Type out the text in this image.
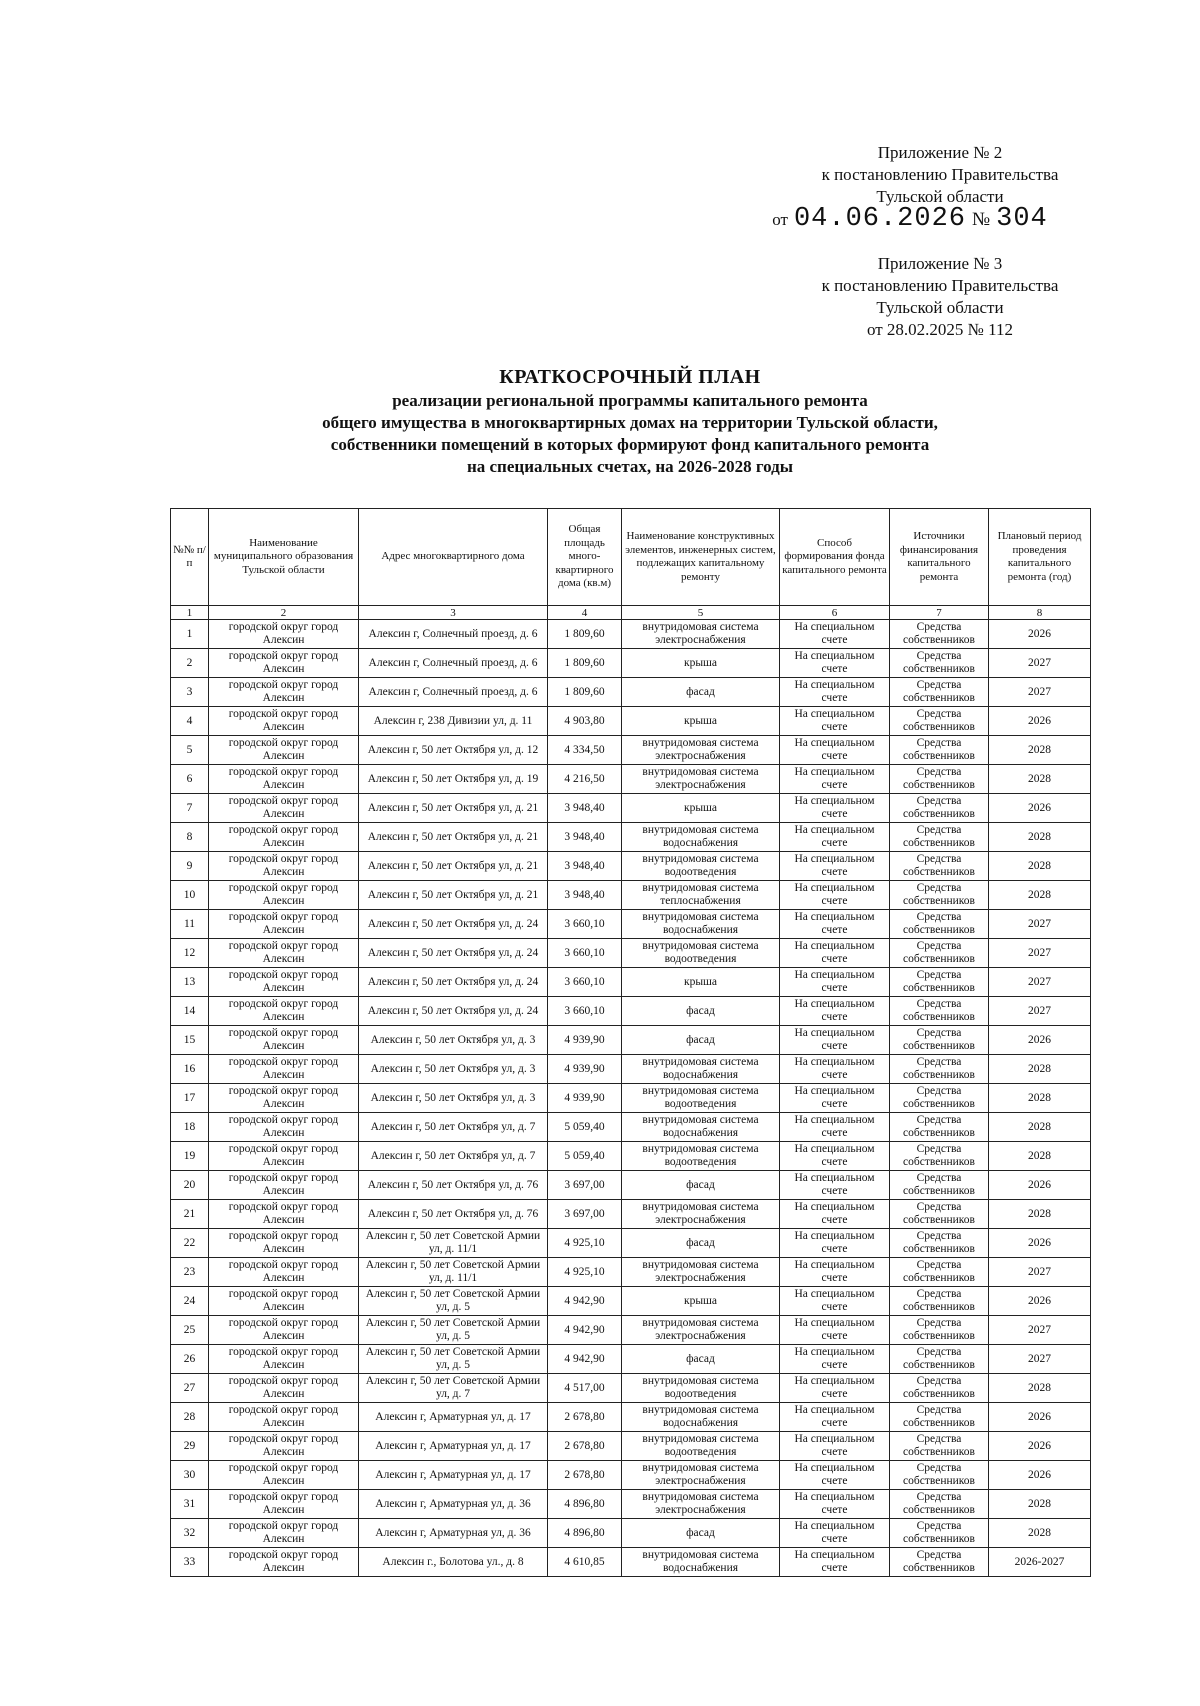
Приложение № 2
к постановлению Правительства
Тульской области
от 04.06.2026 № 304
Приложение № 3
к постановлению Правительства
Тульской области
от 28.02.2025 № 112
КРАТКОСРОЧНЫЙ ПЛАН
реализации региональной программы капитального ремонта
общего имущества в многоквартирных домах на территории Тульской области,
собственники помещений в которых формируют фонд капитального ремонта
на специальных счетах, на 2026-2028 годы
№№ п/п	Наименование муниципального образования Тульской области	Адрес многоквартирного дома	Общая площадь много-квартирного дома (кв.м)	Наименование конструктивных элементов, инженерных систем, подлежащих капитальному ремонту	Способ формирования фонда капитального ремонта	Источники финансирования капитального ремонта	Плановый период проведения капитального ремонта (год)
1	2	3	4	5	6	7	8
1	городской округ город Алексин	Алексин г, Солнечный проезд, д. 6	1 809,60	внутридомовая система электроснабжения	На специальном счете	Средства собственников	2026
2	городской округ город Алексин	Алексин г, Солнечный проезд, д. 6	1 809,60	крыша	На специальном счете	Средства собственников	2027
3	городской округ город Алексин	Алексин г, Солнечный проезд, д. 6	1 809,60	фасад	На специальном счете	Средства собственников	2027
4	городской округ город Алексин	Алексин г, 238 Дивизии ул, д. 11	4 903,80	крыша	На специальном счете	Средства собственников	2026
5	городской округ город Алексин	Алексин г, 50 лет Октября ул, д. 12	4 334,50	внутридомовая система электроснабжения	На специальном счете	Средства собственников	2028
6	городской округ город Алексин	Алексин г, 50 лет Октября ул, д. 19	4 216,50	внутридомовая система электроснабжения	На специальном счете	Средства собственников	2028
7	городской округ город Алексин	Алексин г, 50 лет Октября ул, д. 21	3 948,40	крыша	На специальном счете	Средства собственников	2026
8	городской округ город Алексин	Алексин г, 50 лет Октября ул, д. 21	3 948,40	внутридомовая система водоснабжения	На специальном счете	Средства собственников	2028
9	городской округ город Алексин	Алексин г, 50 лет Октября ул, д. 21	3 948,40	внутридомовая система водоотведения	На специальном счете	Средства собственников	2028
10	городской округ город Алексин	Алексин г, 50 лет Октября ул, д. 21	3 948,40	внутридомовая система теплоснабжения	На специальном счете	Средства собственников	2028
11	городской округ город Алексин	Алексин г, 50 лет Октября ул, д. 24	3 660,10	внутридомовая система водоснабжения	На специальном счете	Средства собственников	2027
12	городской округ город Алексин	Алексин г, 50 лет Октября ул, д. 24	3 660,10	внутридомовая система водоотведения	На специальном счете	Средства собственников	2027
13	городской округ город Алексин	Алексин г, 50 лет Октября ул, д. 24	3 660,10	крыша	На специальном счете	Средства собственников	2027
14	городской округ город Алексин	Алексин г, 50 лет Октября ул, д. 24	3 660,10	фасад	На специальном счете	Средства собственников	2027
15	городской округ город Алексин	Алексин г, 50 лет Октября ул, д. 3	4 939,90	фасад	На специальном счете	Средства собственников	2026
16	городской округ город Алексин	Алексин г, 50 лет Октября ул, д. 3	4 939,90	внутридомовая система водоснабжения	На специальном счете	Средства собственников	2028
17	городской округ город Алексин	Алексин г, 50 лет Октября ул, д. 3	4 939,90	внутридомовая система водоотведения	На специальном счете	Средства собственников	2028
18	городской округ город Алексин	Алексин г, 50 лет Октября ул, д. 7	5 059,40	внутридомовая система водоснабжения	На специальном счете	Средства собственников	2028
19	городской округ город Алексин	Алексин г, 50 лет Октября ул, д. 7	5 059,40	внутридомовая система водоотведения	На специальном счете	Средства собственников	2028
20	городской округ город Алексин	Алексин г, 50 лет Октября ул, д. 76	3 697,00	фасад	На специальном счете	Средства собственников	2026
21	городской округ город Алексин	Алексин г, 50 лет Октября ул, д. 76	3 697,00	внутридомовая система электроснабжения	На специальном счете	Средства собственников	2028
22	городской округ город Алексин	Алексин г, 50 лет Советской Армии ул, д. 11/1	4 925,10	фасад	На специальном счете	Средства собственников	2026
23	городской округ город Алексин	Алексин г, 50 лет Советской Армии ул, д. 11/1	4 925,10	внутридомовая система электроснабжения	На специальном счете	Средства собственников	2027
24	городской округ город Алексин	Алексин г, 50 лет Советской Армии ул, д. 5	4 942,90	крыша	На специальном счете	Средства собственников	2026
25	городской округ город Алексин	Алексин г, 50 лет Советской Армии ул, д. 5	4 942,90	внутридомовая система электроснабжения	На специальном счете	Средства собственников	2027
26	городской округ город Алексин	Алексин г, 50 лет Советской Армии ул, д. 5	4 942,90	фасад	На специальном счете	Средства собственников	2027
27	городской округ город Алексин	Алексин г, 50 лет Советской Армии ул, д. 7	4 517,00	внутридомовая система водоотведения	На специальном счете	Средства собственников	2028
28	городской округ город Алексин	Алексин г, Арматурная ул, д. 17	2 678,80	внутридомовая система водоснабжения	На специальном счете	Средства собственников	2026
29	городской округ город Алексин	Алексин г, Арматурная ул, д. 17	2 678,80	внутридомовая система водоотведения	На специальном счете	Средства собственников	2026
30	городской округ город Алексин	Алексин г, Арматурная ул, д. 17	2 678,80	внутридомовая система электроснабжения	На специальном счете	Средства собственников	2026
31	городской округ город Алексин	Алексин г, Арматурная ул, д. 36	4 896,80	внутридомовая система электроснабжения	На специальном счете	Средства собственников	2028
32	городской округ город Алексин	Алексин г, Арматурная ул, д. 36	4 896,80	фасад	На специальном счете	Средства собственников	2028
33	городской округ город Алексин	Алексин г., Болотова ул., д. 8	4 610,85	внутридомовая система водоснабжения	На специальном счете	Средства собственников	2026-2027
